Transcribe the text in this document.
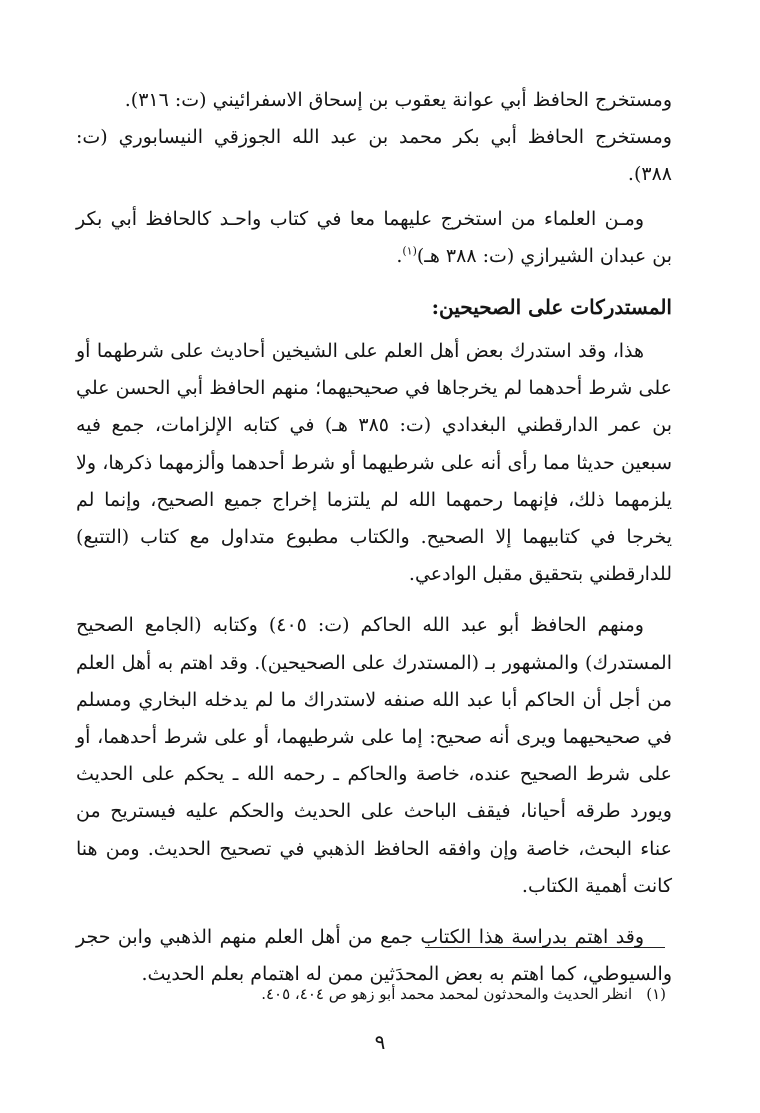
ومستخرج الحافظ أبي عوانة يعقوب بن إسحاق الاسفرائيني (ت: ٣١٦).

ومستخرج الحافظ أبي بكر محمد بن عبد الله الجوزقي النيسابوري (ت: ٣٨٨).

ومـن العلماء من استخرج عليهما معا في كتاب واحـد كالحافظ أبي بكر بن عبدان الشيرازي (ت: ٣٨٨ هـ)$^{(١)}$.

المستدركات على الصحيحين:

هذا، وقد استدرك بعض أهل العلم على الشيخين أحاديث على شرطهما أو على شرط أحدهما لم يخرجاها في صحيحيهما؛ منهم الحافظ أبي الحسن علي بن عمر الدارقطني البغدادي (ت: ٣٨٥ هـ) في كتابه الإلزامات، جمع فيه سبعين حديثا مما رأى أنه على شرطيهما أو شرط أحدهما وألزمهما ذكرها، ولا يلزمهما ذلك، فإنهما رحمهما الله لم يلتزما إخراج جميع الصحيح، وإنما لم يخرجا في كتابيهما إلا الصحيح. والكتاب مطبوع متداول مع كتاب (التتبع) للدارقطني بتحقيق مقبل الوادعي.

ومنهم الحافظ أبو عبد الله الحاكم (ت: ٤٠٥) وكتابه (الجامع الصحيح المستدرك) والمشهور بـ (المستدرك على الصحيحين). وقد اهتم به أهل العلم من أجل أن الحاكم أبا عبد الله صنفه لاستدراك ما لم يدخله البخاري ومسلم في صحيحيهما ويرى أنه صحيح: إما على شرطيهما، أو على شرط أحدهما، أو على شرط الصحيح عنده، خاصة والحاكم ـ رحمه الله ـ يحكم على الحديث ويورد طرقه أحيانا، فيقف الباحث على الحديث والحكم عليه فيستريح من عناء البحث، خاصة وإن وافقه الحافظ الذهبي في تصحيح الحديث. ومن هنا كانت أهمية الكتاب.

وقد اهتم بدراسة هذا الكتاب جمع من أهل العلم منهم الذهبي وابن حجر والسيوطي، كما اهتم به بعض المحدَثين ممن له اهتمام بعلم الحديث.

(١)انظر الحديث والمحدثون لمحمد محمد أبو زهو ص ٤٠٤، ٤٠٥.

٩
